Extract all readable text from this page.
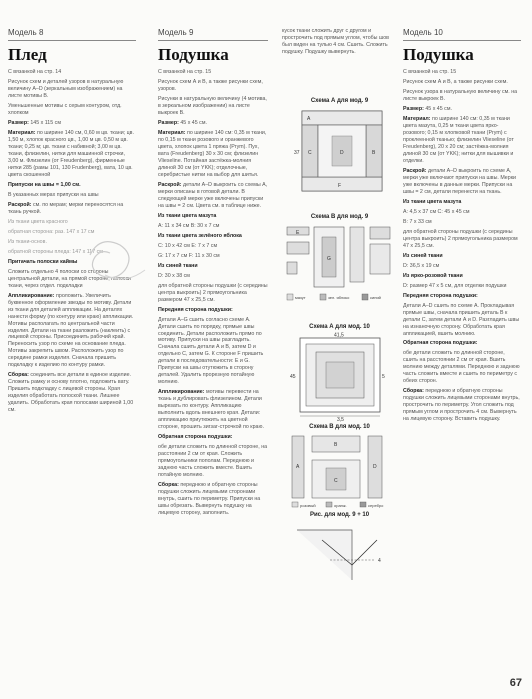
Модель 8
Плед
С вязанкой на стр. 14
Рисунок схем и деталей узоров в натуральную величину А–D (зеркальным изображением) на листе мотивы В.
Уменьшенные мотивы с серым контуром, отд. хлопком
Размер: 145 x 115 см
Материал: по ширине 140 см, 0,60 м цв. ткани; цв. 1,50 м, хлопок красного цв., 1,00 м цв. 0,50 м цв. ткани; 0,25 м; цв. ткани с набивной; 3,00 м цв. ткани, флизелин, нитки для машинной строчки, 3,00 м. Флизелин (от Freudenberg), фирменные нитки 285 (рамы 101, 130 Frudenberg), вата, 10 цв. цвета скошенной
Припуски на швы = 1,00 см.
В указанных мерах припуски на швы
Раскрой: см. по мерам; мерки переносятся на ткань ручкой.
Из ткани цвета красного
обратная сторона: раз. 147 х 17 см
Из ткани-основ.
обратной стороны пледа: 147 х 117 см
Притачать полоски каймы
Сложить отдельно 4 полоски со стороны центральной детали, на прямой стороне; полоски ткани, через отдел. подкладки
Аппликирование: проложить. Увеличить буквенное оформление звезды по мотиву. Детали из ткани для деталей аппликации. На деталях нанести форму (по контуру или краю) аппликации. Мотивы располагать по центральной части изделия. Детали на ткани разложить (наклеить) с лицевой стороны. Присоединить рабочий край. Переносить узор по схеме на основание пледа. Мотивы закрепить швом. Расположить узор по середине рамки изделия. Сначала пришить подкладку к изделию по контуру рамки.
Сборка: соединить все детали в единое изделие. Сложить рамку и основу плотно, подложить вату. Пришить подкладку с лицевой стороны. Края изделия обработать полоской ткани. Лишнее удалить. Обработать края полосами шириной 1,00 см.
Модель 9
Подушка
С вязанкой на стр. 15
Рисунок схем А и В, а также рисунки схем, узоров.
Рисунки в натуральную величину (4 мотива, в зеркальном изображении) на листе выкроек В.
Размер: 45 х 45 см.
Материал: по ширине 140 см: 0,35 м ткани, по 0,15 м ткани розового и оранжевого цвета, хлопок цвета 1 пряжа (Prym). Пух, вата (Freudenberg) 30 х 30 см; флизелин Vlieseline. Потайная застёжка-молния длиной 30 см (от YKK); отделочные, серебристые нитки на выбор для шитья.
Раскрой: детали А–D выкроить со схемы А, мерки описаны в готовой детали. В следующей мерке уже включены припуски на швы = 2 см. Цвета см. в таблице ниже.
Из ткани цвета мазута
А: 11 х 34 см В: 30 х 7 см
Из ткани цвета зелёного яблока
С: 10 х 42 см Е: 7 х 7 см
G: 17 х 7 см F: 11 х 30 см
Из синей ткани
D: 30 х 38 см
для обратной стороны подушки (с середины центра выкроить) 2 прямоугольника размером 47 х 25,5 см.
Передняя сторона подушки:
Детали А–G сшить согласно схеме А. Детали сшить по порядку, прямые швы соединить. Детали расположить прямо по мотиву. Припуски на швы разгладить. Сначала сшить детали А и В, затем D и отдельно С, затем G. К стороне F пришить детали в последовательности: Е и G. Припуски на швы отутюжить в сторону деталей. Удалить прорезную потайную молнию.
Аппликирование: мотивы перевести на ткань и дублировать флизелином. Детали вырезать по контуру. Аппликацию выполнить вдоль внешнего края. Детали: аппликацию приутюжить на цветной стороне, прошить зигзаг-строчкой по краю.
Обратная сторона подушки:
обе детали сложить по длинной стороне, на расстоянии 2 см от края. Сложить прямоугольники пополам. Переднюю и заднюю часть сложить вместе. Вшить потайную молнию.
Сборка: переднюю и обратную стороны подушки сложить лицевыми сторонами внутрь, сшить по периметру. Припуски на швы обрезать. Вывернуть подушку на лицевую сторону, заполнить.
кусок ткани сложить друг с другом и прострочить под прямым углом, чтобы шов был виден на тулью 4 см. Сшить. Сложить подушку. Подушку вывернуть.
Схема А для мод. 9
37
A
C	D	B
F
Схема В для мод. 9
E
G
мазут	зел. яблоко	синий
Схема А для мод. 10
41,5
45
3,5
5
Схема В для мод. 10
A
B
C
D
розовый	оранж.	серебро
Рис. для мод. 9 + 10
4
Модель 10
Подушка
С вязанкой на стр. 15
Рисунок схем А и В, а также рисунки схем.
Рисунок узора в натуральную величину см. на листе выкроек В.
Размер: 45 х 45 см.
Материал: по ширине 140 см: 0,35 м ткани цвета мазута, 0,25 м ткани цвета ярко-розового; 0,15 м хлопковой ткани (Prym) с проклеенной тканью; флизелин Vlieseline (от Freudenberg), 20 х 20 см; застёжка-молния длиной 30 см (от YKK); нитки для вышивки и отделки.
Раскрой: детали А–D выкроить по схеме А, мерки уже включают припуски на швы. Мерки уже включены в данные мерки. Припуски на швы = 2 см, детали перенести на ткань.
Из ткани цвета мазута
А: 4,5 х 37 см С: 45 х 45 см
В: 7 х 33 см
для обратной стороны подушки (с середины центра выкроить) 2 прямоугольника размером 47 х 25,5 см.
Из синей ткани
D: 36,5 х 19 см
Из ярко-розовой ткани
D: размер 47 х 5 см, для отделки подушки
Передняя сторона подушки:
Детали А–D сшить по схеме А. Прокладывая прямые швы, сначала пришить деталь В к детали С, затем детали А и D. Разгладить швы на изнаночную сторону. Обработать края аппликацией, вшить молнию.
Обратная сторона подушки:
обе детали сложить по длинной стороне, сшить на расстоянии 2 см от края. Вшить молнию между деталями. Переднюю и заднюю часть сложить вместе и сшить по периметру с обеих сторон.
Сборка: переднюю и обратную стороны подушки сложить лицевыми сторонами внутрь, прострочить по периметру. Угол сложить под прямым углом и прострочить 4 см. Вывернуть на лицевую сторону. Вставить подушку.
67
